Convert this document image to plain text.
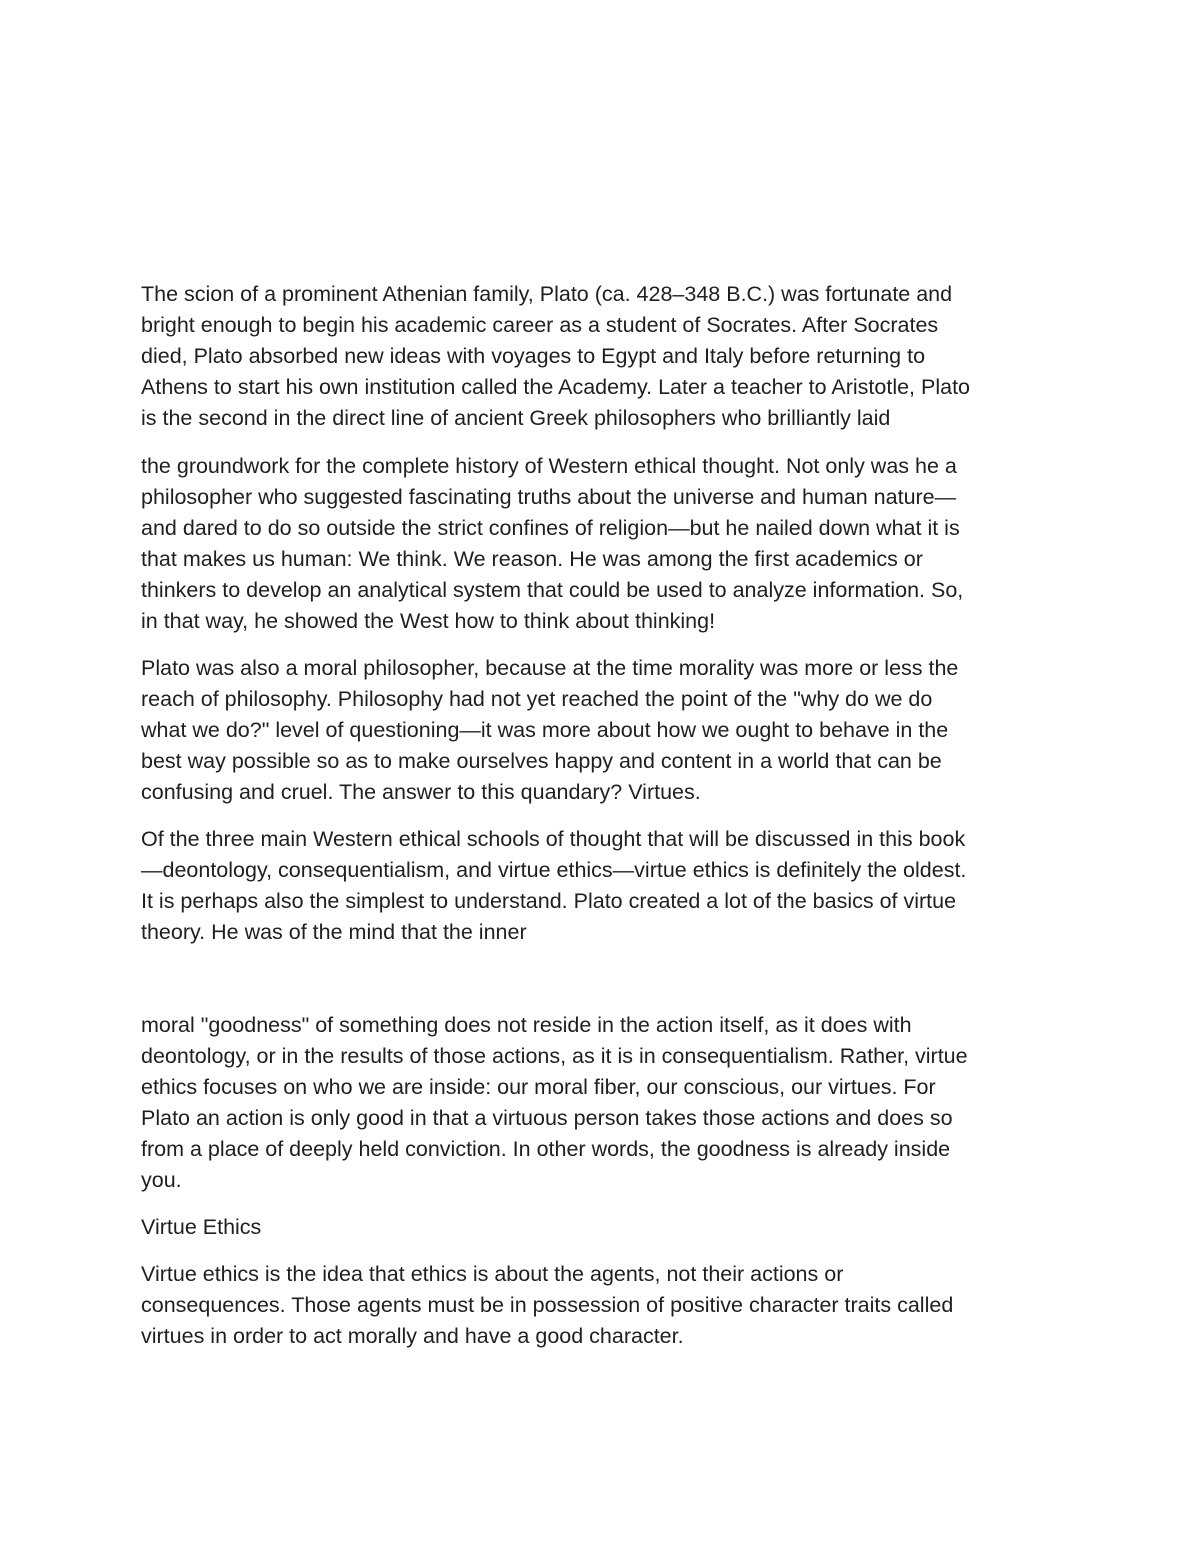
The scion of a prominent Athenian family, Plato (ca. 428–348 B.C.) was fortunate and
bright enough to begin his academic career as a student of Socrates. After Socrates
died, Plato absorbed new ideas with voyages to Egypt and Italy before returning to
Athens to start his own institution called the Academy. Later a teacher to Aristotle, Plato
is the second in the direct line of ancient Greek philosophers who brilliantly laid

the groundwork for the complete history of Western ethical thought. Not only was he a
philosopher who suggested fascinating truths about the universe and human nature—
and dared to do so outside the strict confines of religion—but he nailed down what it is
that makes us human: We think. We reason. He was among the first academics or
thinkers to develop an analytical system that could be used to analyze information. So,
in that way, he showed the West how to think about thinking!

Plato was also a moral philosopher, because at the time morality was more or less the
reach of philosophy. Philosophy had not yet reached the point of the "why do we do
what we do?" level of questioning—it was more about how we ought to behave in the
best way possible so as to make ourselves happy and content in a world that can be
confusing and cruel. The answer to this quandary? Virtues.

Of the three main Western ethical schools of thought that will be discussed in this book
—deontology, consequentialism, and virtue ethics—virtue ethics is definitely the oldest.
It is perhaps also the simplest to understand. Plato created a lot of the basics of virtue
theory. He was of the mind that the inner

moral "goodness" of something does not reside in the action itself, as it does with
deontology, or in the results of those actions, as it is in consequentialism. Rather, virtue
ethics focuses on who we are inside: our moral fiber, our conscious, our virtues. For
Plato an action is only good in that a virtuous person takes those actions and does so
from a place of deeply held conviction. In other words, the goodness is already inside
you.

Virtue Ethics

Virtue ethics is the idea that ethics is about the agents, not their actions or
consequences. Those agents must be in possession of positive character traits called
virtues in order to act morally and have a good character.
